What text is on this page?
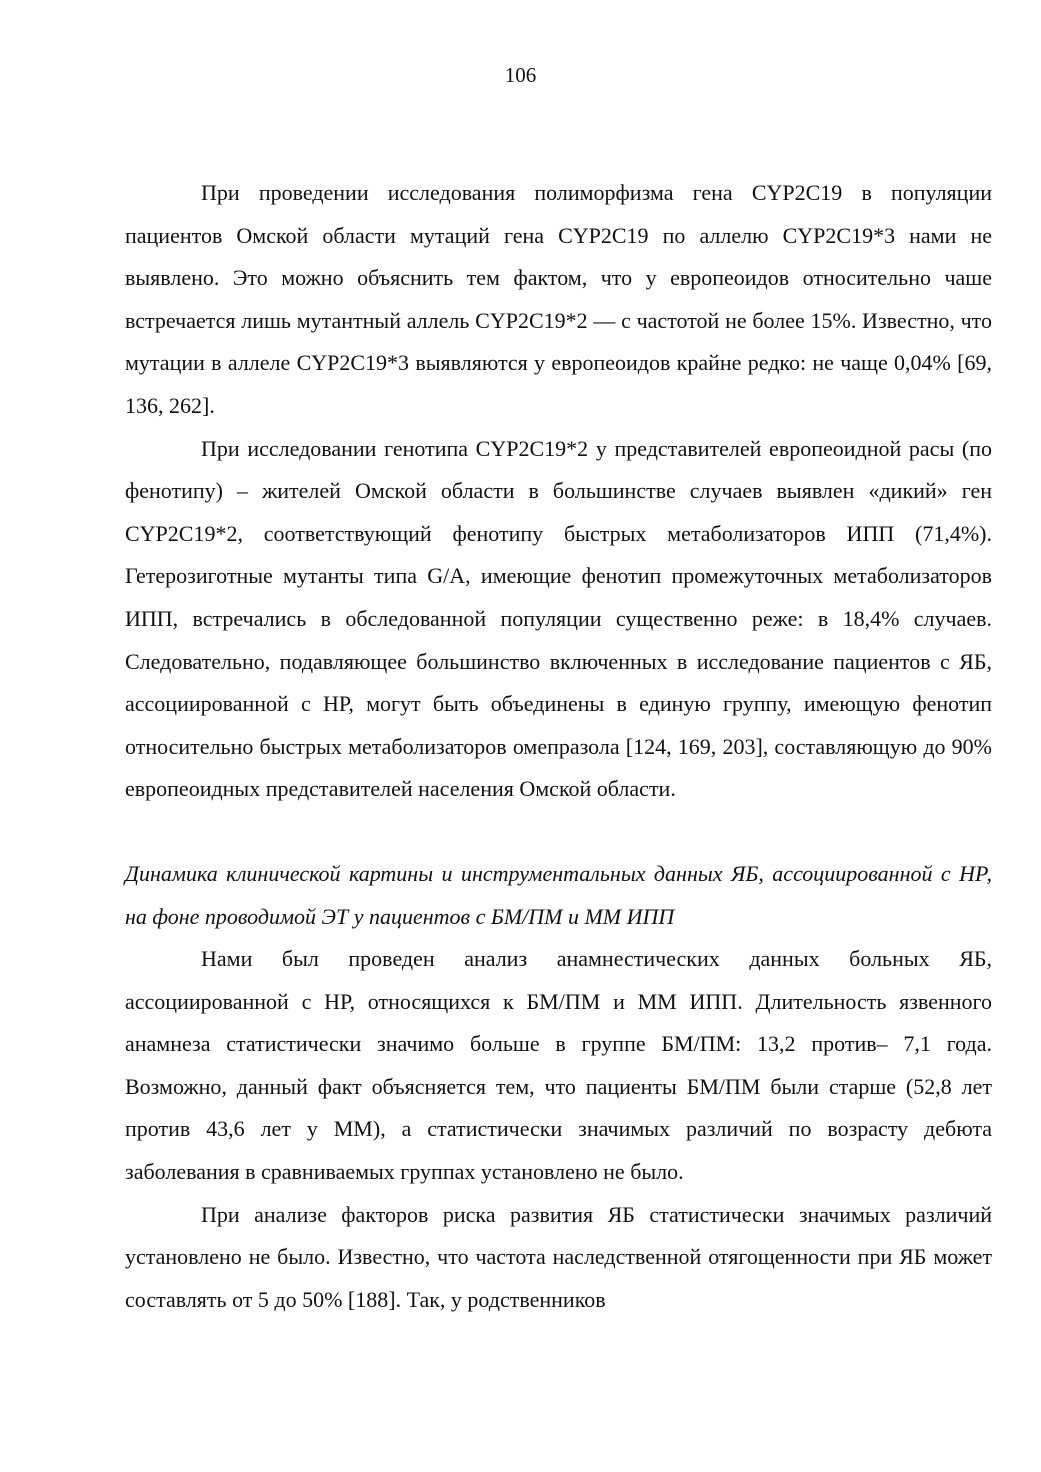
106

При проведении исследования полиморфизма гена CYP2C19 в популяции пациентов Омской области мутаций гена CYP2C19 по аллелю CYP2C19*3 нами не выявлено. Это можно объяснить тем фактом, что у европеоидов относительно чаше встречается лишь мутантный аллель CYP2C19*2 — с частотой не более 15%. Известно, что мутации в аллеле CYP2C19*3 выявляются у европеоидов крайне редко: не чаще 0,04% [69, 136, 262].

При исследовании генотипа CYP2C19*2 у представителей европеоидной расы (по фенотипу) – жителей Омской области в большинстве случаев выявлен «дикий» ген CYP2C19*2, соответствующий фенотипу быстрых метаболизаторов ИПП (71,4%). Гетерозиготные мутанты типа G/A, имеющие фенотип промежуточных метаболизаторов ИПП, встречались в обследованной популяции существенно реже: в 18,4% случаев. Следовательно, подавляющее большинство включенных в исследование пациентов с ЯБ, ассоциированной с НР, могут быть объединены в единую группу, имеющую фенотип относительно быстрых метаболизаторов омепразола [124, 169, 203], составляющую до 90% европеоидных представителей населения Омской области.

Динамика клинической картины и инструментальных данных ЯБ, ассоциированной с НР, на фоне проводимой ЭТ у пациентов с БМ/ПМ и ММ ИПП

Нами был проведен анализ анамнестических данных больных ЯБ, ассоциированной с НР, относящихся к БМ/ПМ и ММ ИПП. Длительность язвенного анамнеза статистически значимо больше в группе БМ/ПМ: 13,2 против– 7,1 года. Возможно, данный факт объясняется тем, что пациенты БМ/ПМ были старше (52,8 лет против 43,6 лет у ММ), а статистически значимых различий по возрасту дебюта заболевания в сравниваемых группах установлено не было.

При анализе факторов риска развития ЯБ статистически значимых различий установлено не было. Известно, что частота наследственной отягощенности при ЯБ может составлять от 5 до 50% [188]. Так, у родственников
